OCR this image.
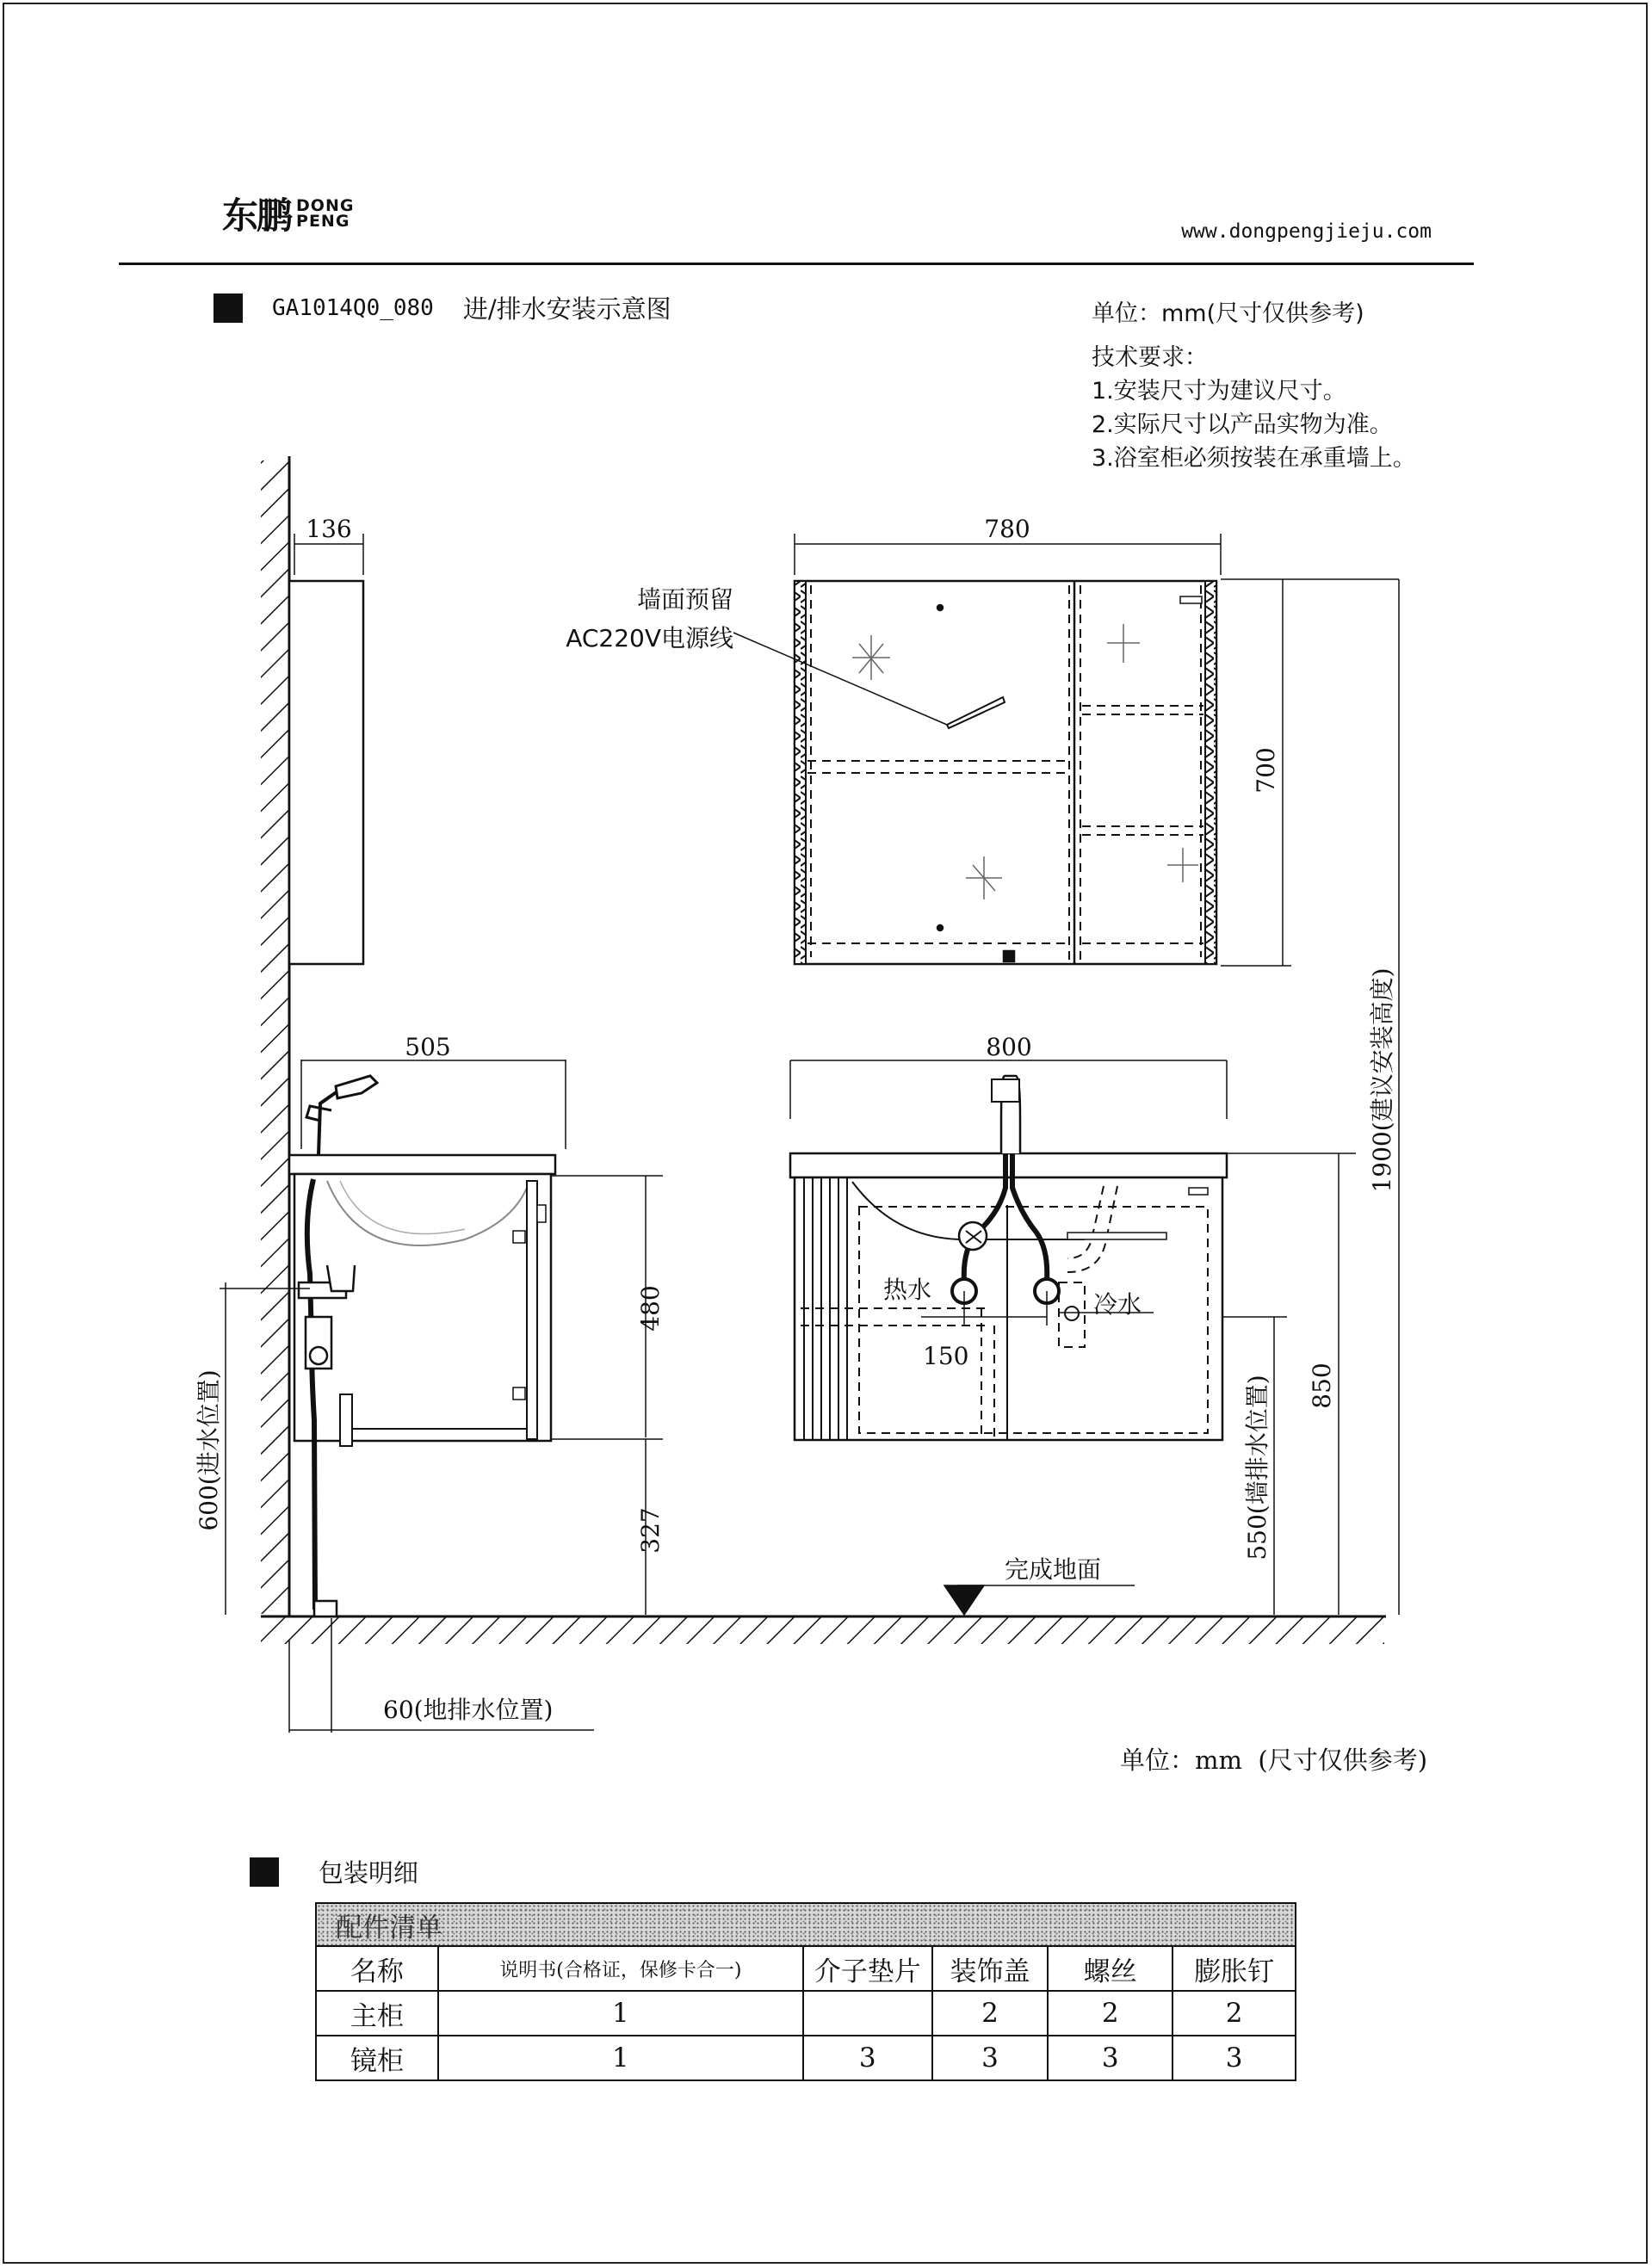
东鹏 DONG
PENG	www.dongpengjieju.com
GA1014Q0_080 进/排水安装示意图	单位：mm(尺寸仅供参考)
技术要求：
1.安装尺寸为建议尺寸。
2.实际尺寸以产品实物为准。
3.浴室柜必须按装在承重墙上。
136
505
780
800
480
327
700
850
1900(建议安装高度)
550(墙排水位置)
600(进水位置)
60(地排水位置)
墙面预留
AC220V电源线
热水
冷水
150
完成地面
单位：mm  (尺寸仅供参考)
包装明细
配件清单					
名称	说明书(合格证，保修卡合一)	介子垫片	装饰盖	螺丝	膨胀钉
主柜	1		2	2	2
镜柜	1	3	3	3	3
